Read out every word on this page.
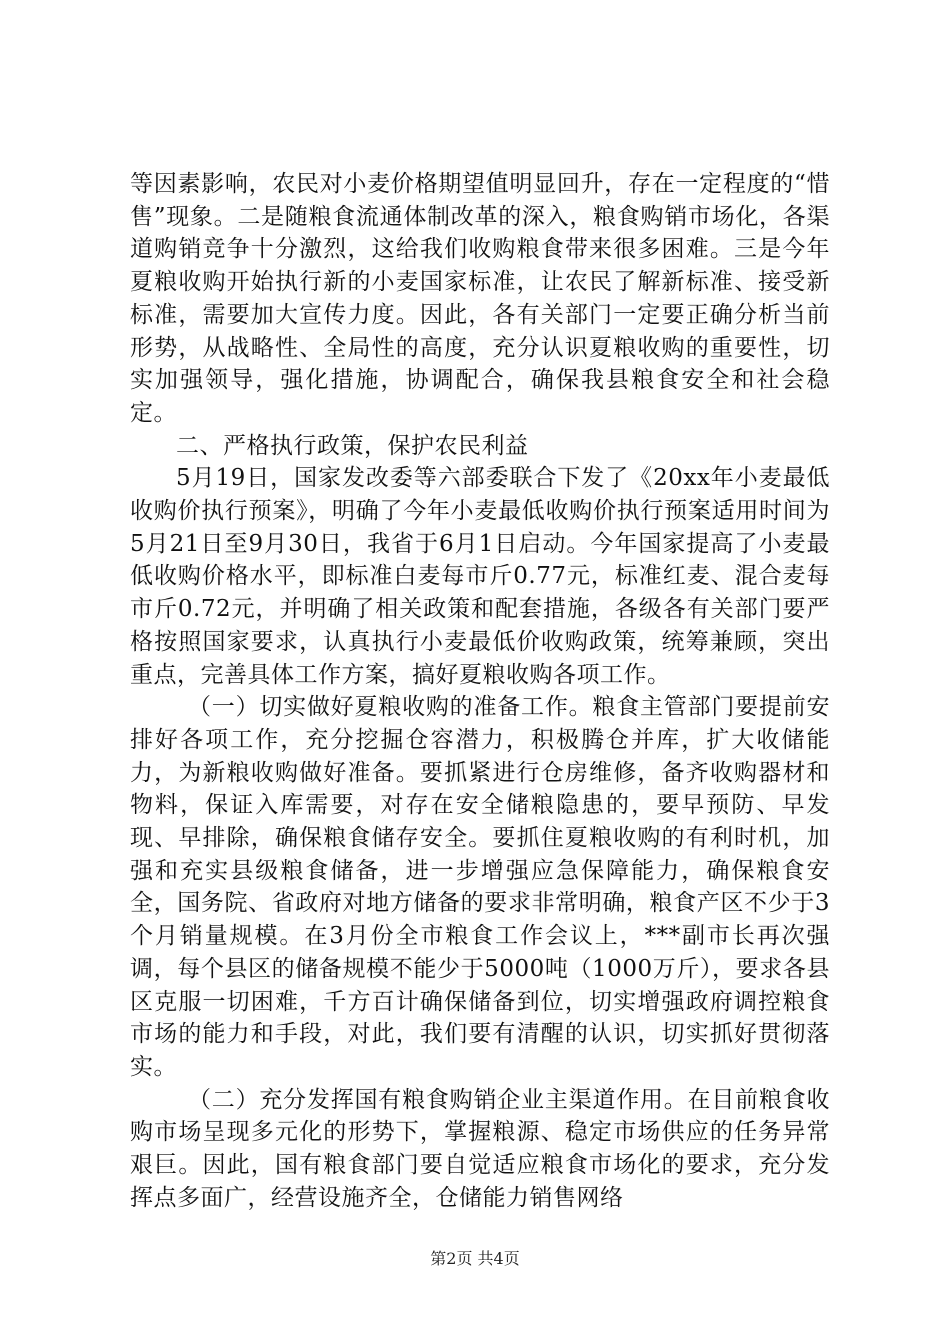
等因素影响，农民对小麦价格期望值明显回升，存在一定程度的“惜售”现象。二是随粮食流通体制改革的深入，粮食购销市场化，各渠道购销竞争十分激烈，这给我们收购粮食带来很多困难。三是今年夏粮收购开始执行新的小麦国家标准，让农民了解新标准、接受新标准，需要加大宣传力度。因此，各有关部门一定要正确分析当前形势，从战略性、全局性的高度，充分认识夏粮收购的重要性，切实加强领导，强化措施，协调配合，确保我县粮食安全和社会稳定。

二、严格执行政策，保护农民利益

5月19日，国家发改委等六部委联合下发了《20xx年小麦最低收购价执行预案》，明确了今年小麦最低收购价执行预案适用时间为5月21日至9月30日，我省于6月1日启动。今年国家提高了小麦最低收购价格水平，即标准白麦每市斤0.77元，标准红麦、混合麦每市斤0.72元，并明确了相关政策和配套措施，各级各有关部门要严格按照国家要求，认真执行小麦最低价收购政策，统筹兼顾，突出重点，完善具体工作方案，搞好夏粮收购各项工作。

（一）切实做好夏粮收购的准备工作。粮食主管部门要提前安排好各项工作，充分挖掘仓容潜力，积极腾仓并库，扩大收储能力，为新粮收购做好准备。要抓紧进行仓房维修，备齐收购器材和物料，保证入库需要，对存在安全储粮隐患的，要早预防、早发现、早排除，确保粮食储存安全。要抓住夏粮收购的有利时机，加强和充实县级粮食储备，进一步增强应急保障能力，确保粮食安全，国务院、省政府对地方储备的要求非常明确，粮食产区不少于3个月销量规模。在3月份全市粮食工作会议上，***副市长再次强调，每个县区的储备规模不能少于5000吨（1000万斤），要求各县区克服一切困难，千方百计确保储备到位，切实增强政府调控粮食市场的能力和手段，对此，我们要有清醒的认识，切实抓好贯彻落实。

（二）充分发挥国有粮食购销企业主渠道作用。在目前粮食收购市场呈现多元化的形势下，掌握粮源、稳定市场供应的任务异常艰巨。因此，国有粮食部门要自觉适应粮食市场化的要求，充分发挥点多面广，经营设施齐全，仓储能力销售网络

第2页 共4页
